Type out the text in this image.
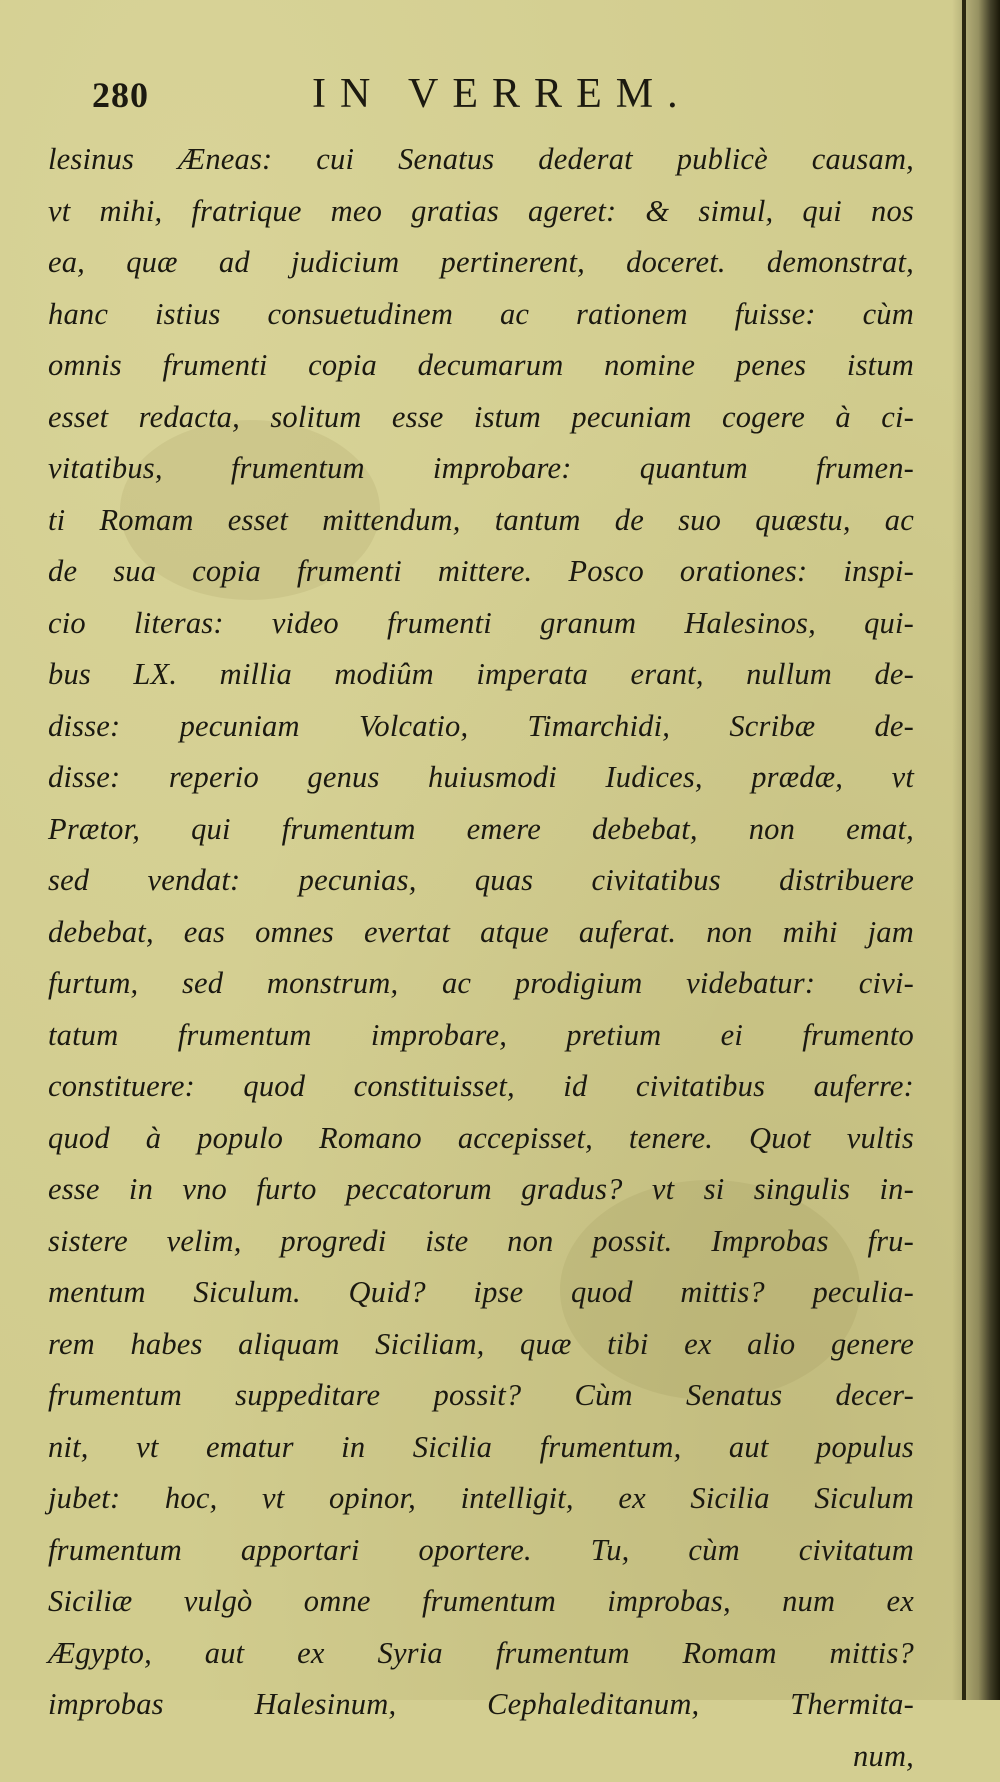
280	IN VERREM.
lesinus Æneas: cui Senatus dederat publicè causam,
vt mihi, fratrique meo gratias ageret: & simul, qui nos
ea, quæ ad judicium pertinerent, doceret. demonstrat,
hanc istius consuetudinem ac rationem fuisse: cùm
omnis frumenti copia decumarum nomine penes istum
esset redacta, solitum esse istum pecuniam cogere à ci-
vitatibus, frumentum improbare: quantum frumen-
ti Romam esset mittendum, tantum de suo quæstu, ac
de sua copia frumenti mittere. Posco orationes: inspi-
cio literas: video frumenti granum Halesinos, qui-
bus LX. millia modiûm imperata erant, nullum de-
disse: pecuniam Volcatio, Timarchidi, Scribæ de-
disse: reperio genus huiusmodi Iudices, prædæ, vt
Prætor, qui frumentum emere debebat, non emat,
sed vendat: pecunias, quas civitatibus distribuere
debebat, eas omnes evertat atque auferat. non mihi jam
furtum, sed monstrum, ac prodigium videbatur: civi-
tatum frumentum improbare, pretium ei frumento
constituere: quod constituisset, id civitatibus auferre:
quod à populo Romano accepisset, tenere. Quot vultis
esse in vno furto peccatorum gradus? vt si singulis in-
sistere velim, progredi iste non possit. Improbas fru-
mentum Siculum. Quid? ipse quod mittis? peculia-
rem habes aliquam Siciliam, quæ tibi ex alio genere
frumentum suppeditare possit? Cùm Senatus decer-
nit, vt ematur in Sicilia frumentum, aut populus
jubet: hoc, vt opinor, intelligit, ex Sicilia Siculum
frumentum apportari oportere. Tu, cùm civitatum
Siciliæ vulgò omne frumentum improbas, num ex
Ægypto, aut ex Syria frumentum Romam mittis?
improbas Halesinum, Cephaleditanum, Thermita-
num,
